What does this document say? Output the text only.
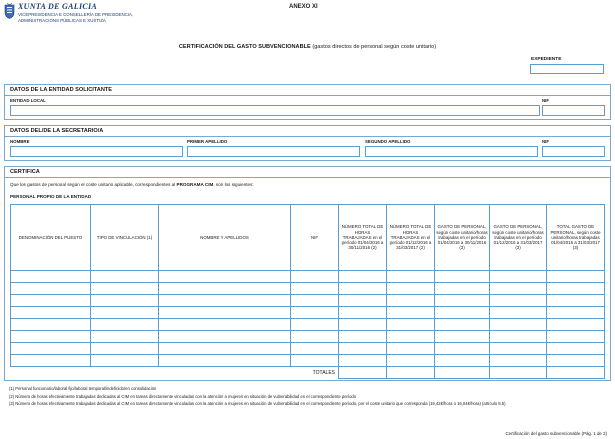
XUNTA DE GALICIA
VICEPRESIDENCIA E CONSELLERÍA DE PRESIDENCIA,
ADMINISTRACIÓNS PÚBLICAS E XUSTIZA
ANEXO XI
CERTIFICACIÓN DEL GASTO SUBVENCIONABLE (gastos directos de personal según coste unitario)
EXPEDIENTE
DATOS DE LA ENTIDAD SOLICITANTE
ENTIDAD LOCAL	NIF
DATOS DEL/DE LA SECRETARIO/A
NOMBRE	PRIMER APELLIDO	SEGUNDO APELLIDO	NIF
CERTIFICA
Que los gastos de personal según el coste unitario aplicable, correspondientes al PROGRAMA CIM, son los siguientes:
PERSONAL PROPIO DE LA ENTIDAD
DENOMINACIÓN DEL PUESTO	TIPO DE VINCULACIÓN (1)	NOMBRE Y APELLIDOS	NIF	NÚMERO TOTAL DE HORAS TRABAJADAS en el período 01/04/2016 a 30/11/2016 (2)	NÚMERO TOTAL DE HORAS TRABAJADAS en el período 01/12/2016 a 31/03/2017 (2)	GASTO DE PERSONAL, según coste unitario/horas trabajadas en el período 01/04/2016 a 30/11/2016 (3)	GASTO DE PERSONAL, según coste unitario/horas trabajadas en el período 01/12/2016 a 31/03/2017 (3)	TOTAL GASTO DE PERSONAL, según coste unitario/horas trabajadas 01/04/2016 a 31/03/2017 (3)

TOTALES								
(1) Personal funcionario/laboral fijo/laboral temporal/indefinido/en consolidación
(2) Número de horas efectivamente trabajadas dedicadas al CIM en tareas directamente vinculadas con la atención a mujeres en situación de vulnerabilidad en el correspondiente período
(3) Número de horas efectivamente trabajadas dedicadas al CIM en tareas directamente vinculadas con la atención a mujeres en situación de vulnerabilidad en el correspondiente período, por el coste unitario que corresponda (19,42€/hora o 16,04€/hora) (artículo 8.5)
Certificación del gasto subvencionable (Pág. 1 de 2)
